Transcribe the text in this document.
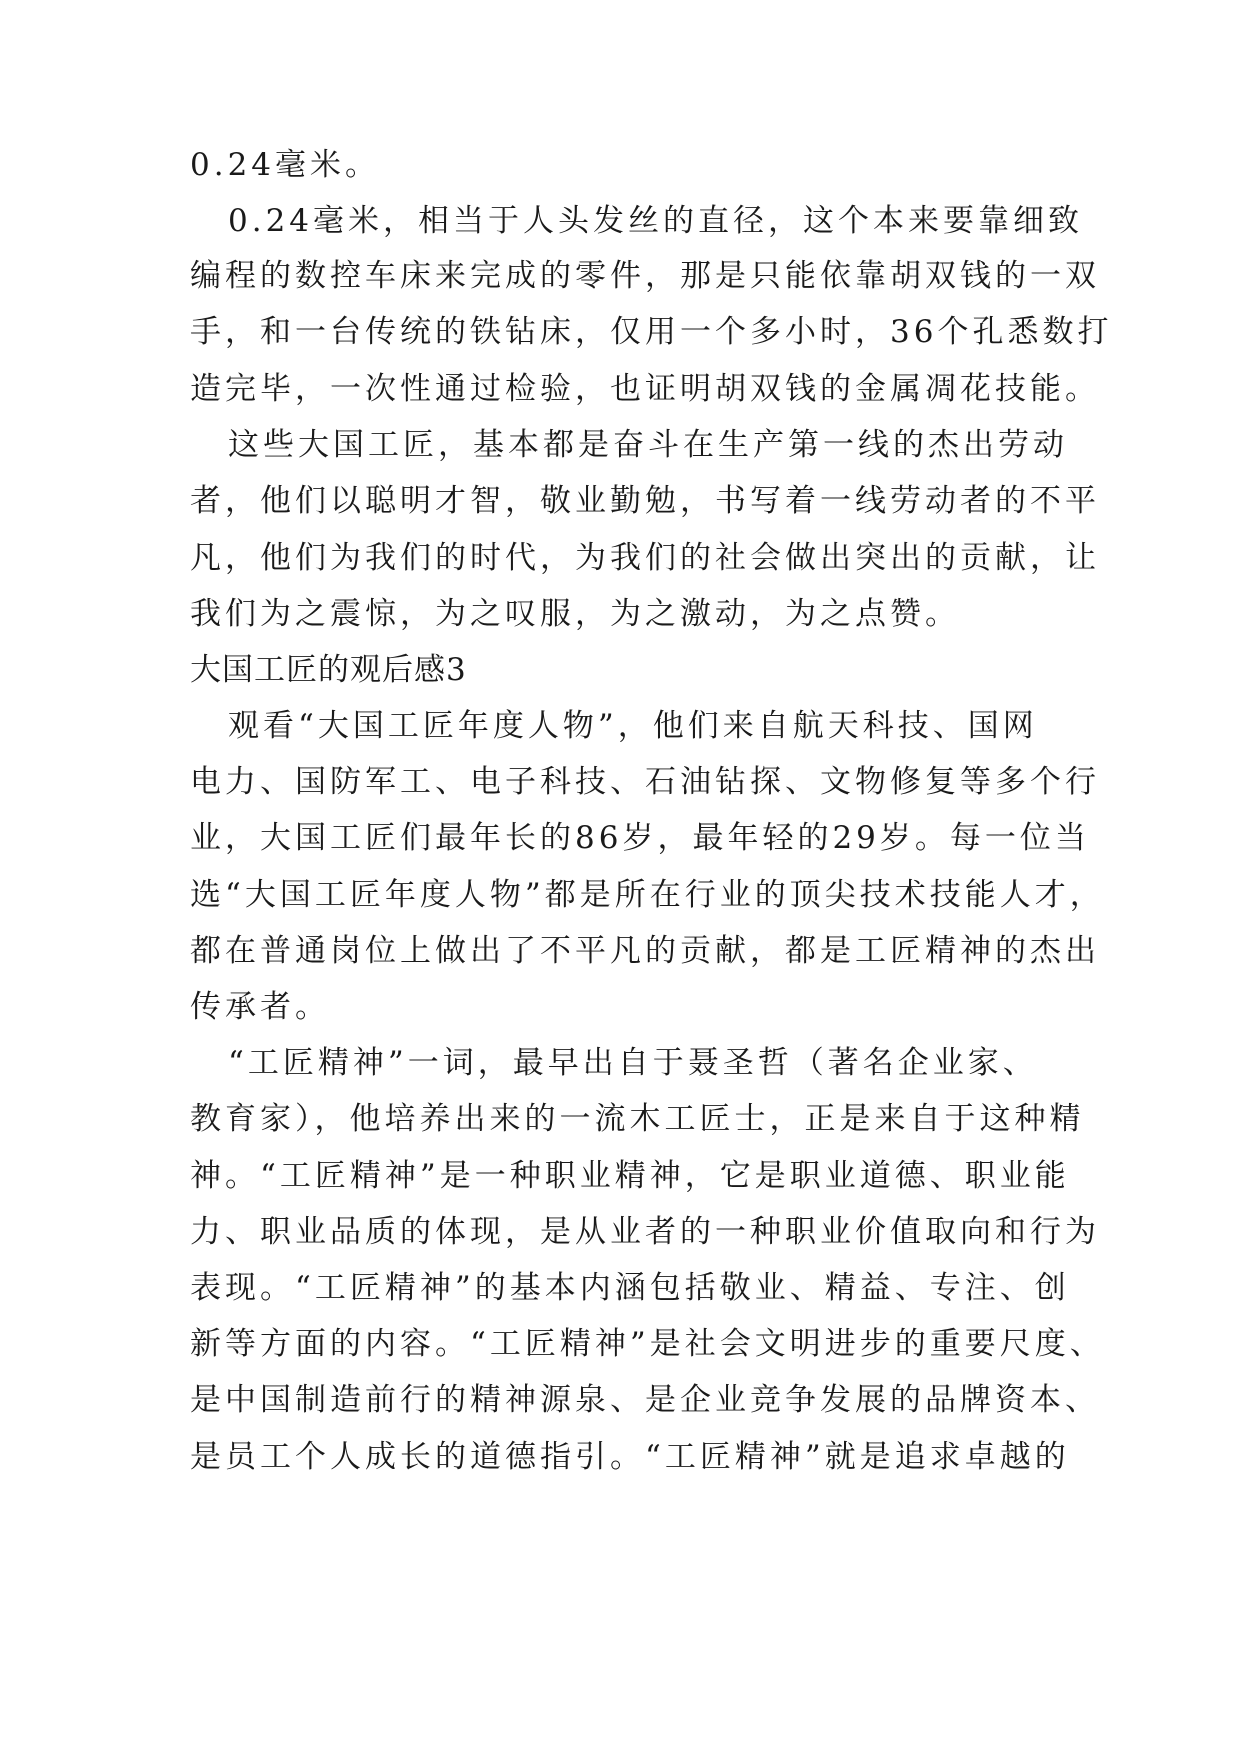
0.24毫米。
0.24毫米，相当于人头发丝的直径，这个本来要靠细致
编程的数控车床来完成的零件，那是只能依靠胡双钱的一双
手，和一台传统的铁钻床，仅用一个多小时，36个孔悉数打
造完毕，一次性通过检验，也证明胡双钱的金属凋花技能。
这些大国工匠，基本都是奋斗在生产第一线的杰出劳动
者，他们以聪明才智，敬业勤勉，书写着一线劳动者的不平
凡，他们为我们的时代，为我们的社会做出突出的贡献，让
我们为之震惊，为之叹服，为之激动，为之点赞。
大国工匠的观后感3
观看“大国工匠年度人物”，他们来自航天科技、国网
电力、国防军工、电子科技、石油钻探、文物修复等多个行
业，大国工匠们最年长的86岁，最年轻的29岁。每一位当
选“大国工匠年度人物”都是所在行业的顶尖技术技能人才，
都在普通岗位上做出了不平凡的贡献，都是工匠精神的杰出
传承者。
“工匠精神”一词，最早出自于聂圣哲（著名企业家、
教育家），他培养出来的一流木工匠士，正是来自于这种精
神。“工匠精神”是一种职业精神，它是职业道德、职业能
力、职业品质的体现，是从业者的一种职业价值取向和行为
表现。“工匠精神”的基本内涵包括敬业、精益、专注、创
新等方面的内容。“工匠精神”是社会文明进步的重要尺度、
是中国制造前行的精神源泉、是企业竞争发展的品牌资本、
是员工个人成长的道德指引。“工匠精神”就是追求卓越的
